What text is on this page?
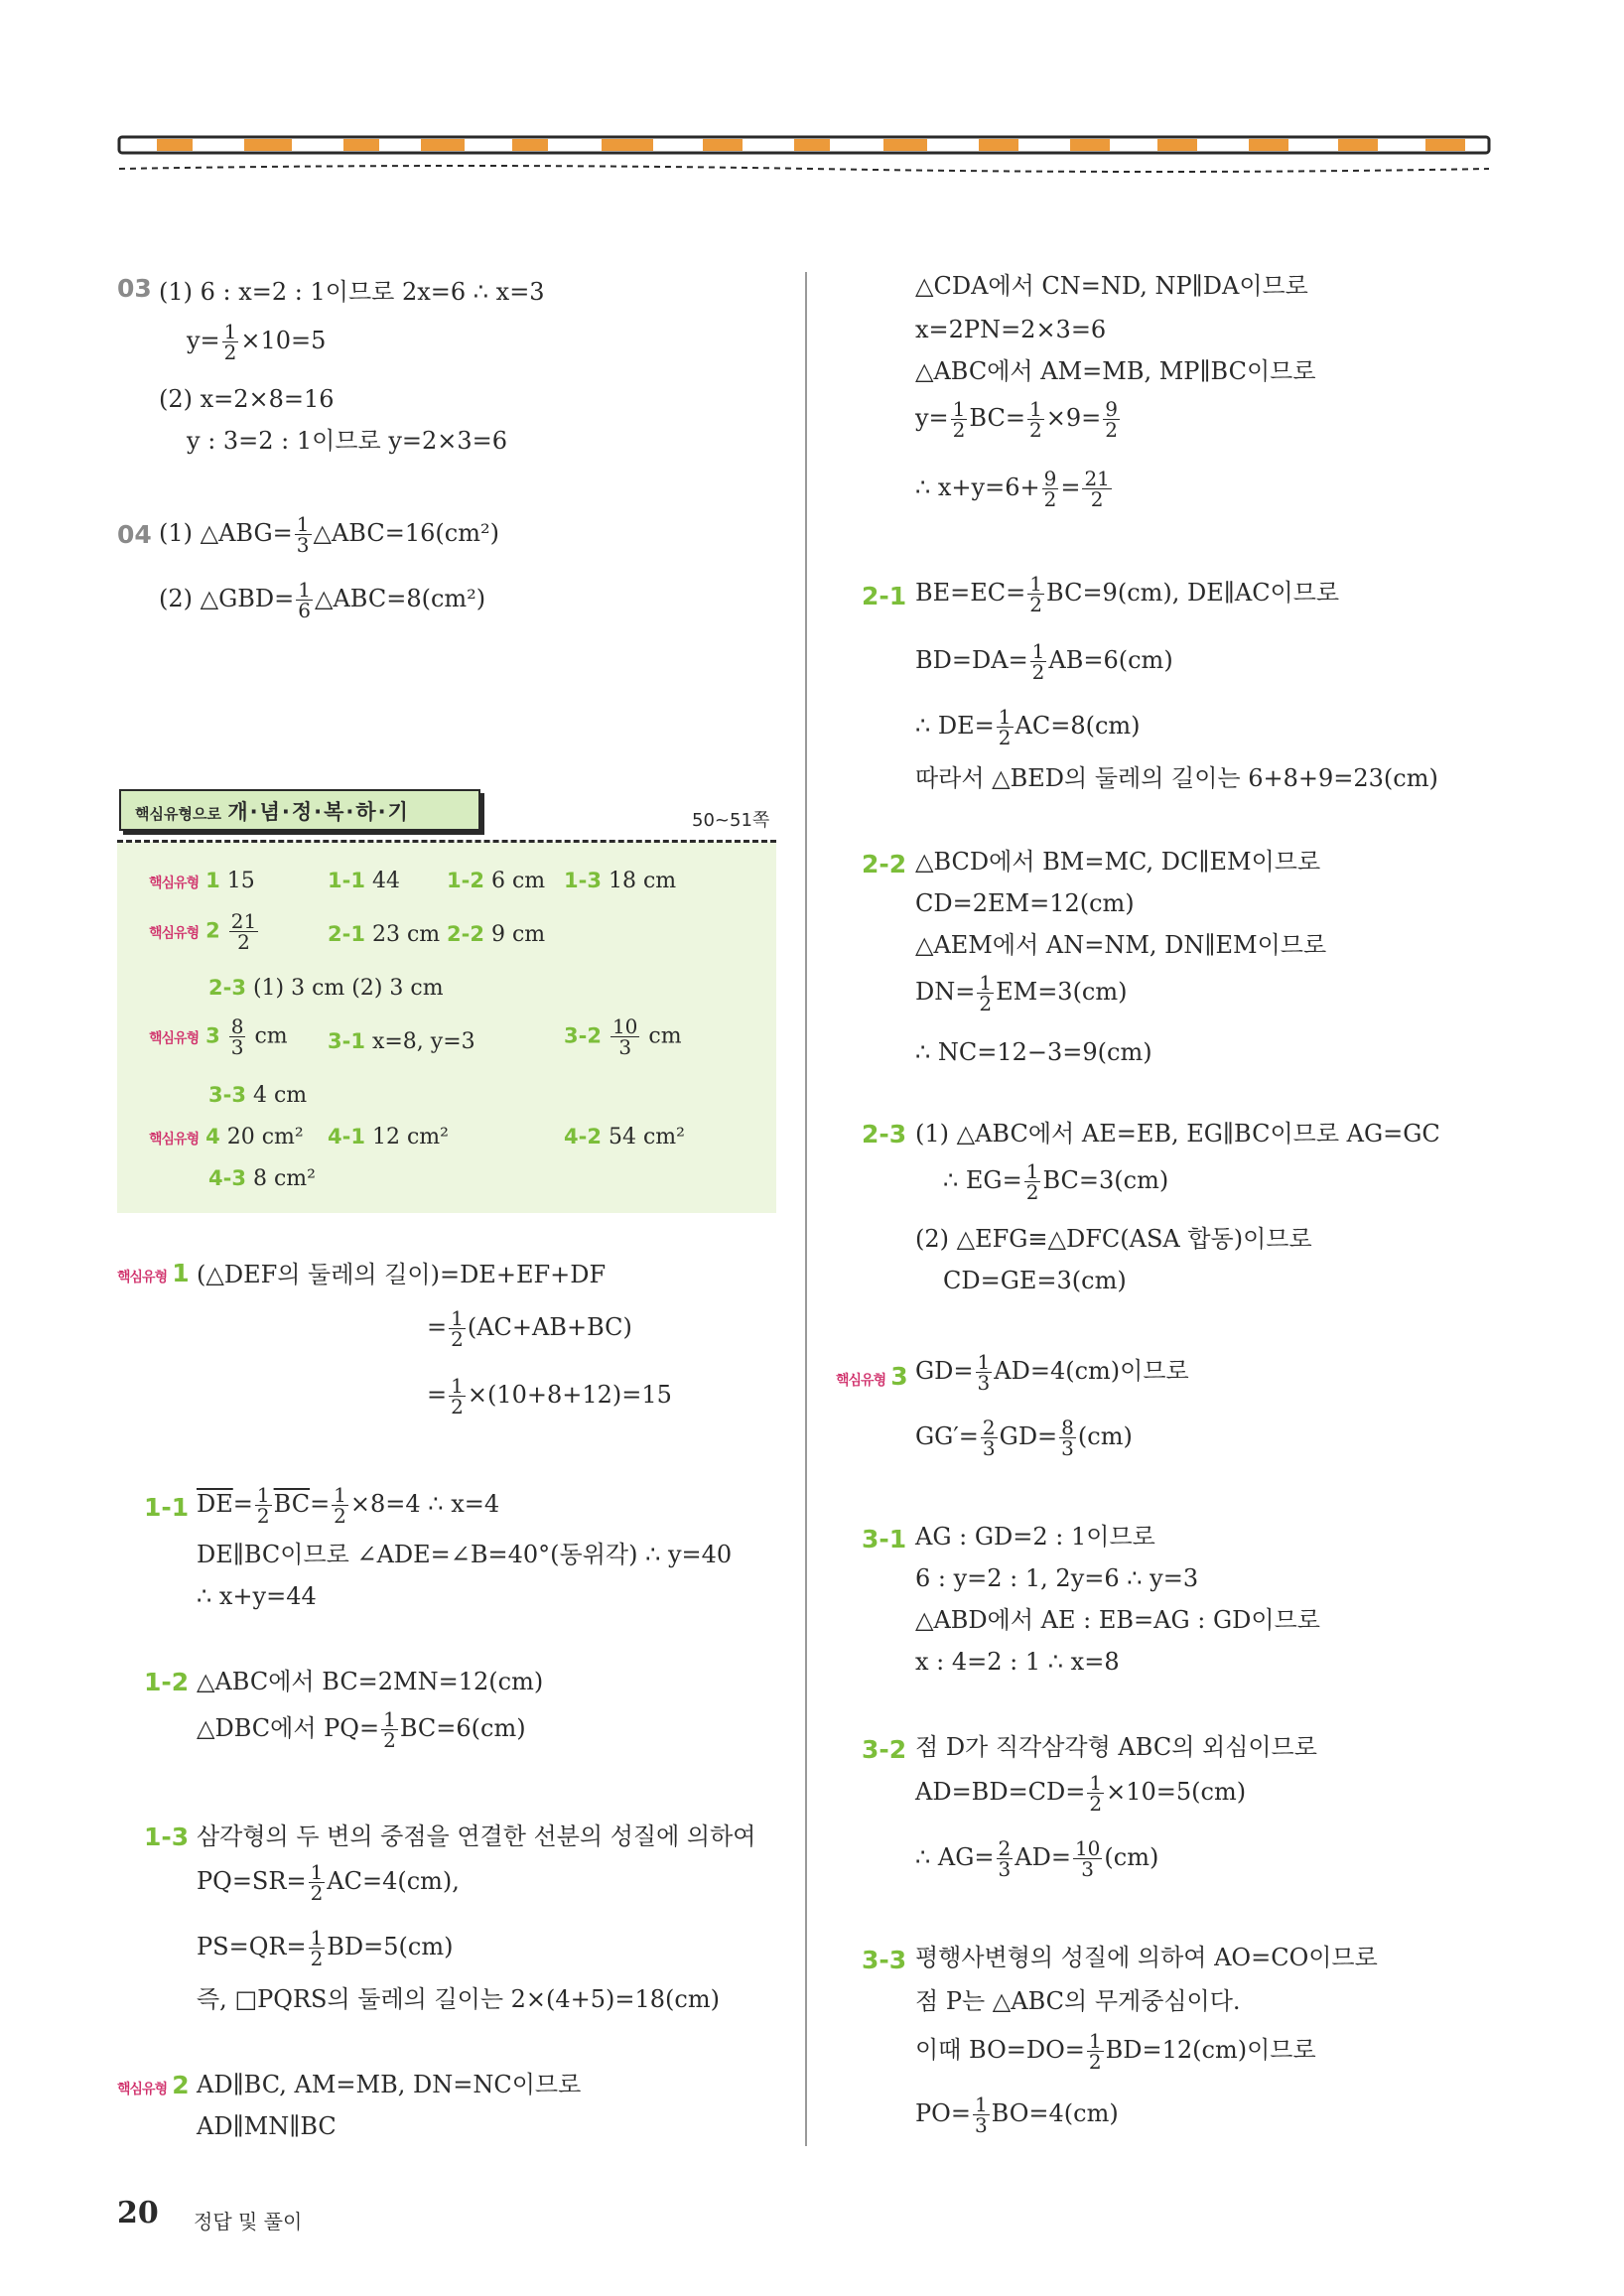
03 (1) 6 : x=2 : 1이므로 2x=6 ∴ x=3
$y= \frac{1}{2} \times 10=5$
(2) x=2×8=16
y : 3=2 : 1이므로 y=2×3=6
04 (1) △ABG= $\frac{1}{3}$ △ABC=16(cm²)
(2) △GBD= $\frac{1}{6}$ △ABC=8(cm²)
핵심유형으로 개·념·정·복·하·기	50~51쪽
핵심유형 1 15	1-1 44 1-2 6 cm 1-3 18 cm
핵심유형 $2 \frac{21}{2}$	2-1 23 cm 2-2 9 cm
2-3 (1) 3 cm (2) 3 cm
핵심유형 $3 \frac{8}{3}$ cm 3-1 x=8, y=3	$3-2 \frac{10}{3}$ cm
3-3 4 cm
핵심유형 4 20 cm² 4-1 12 cm²	4-2 54 cm²
4-3 8 cm²
핵심유형 1 (△DEF의 둘레의 길이)=DE+EF+DF
= $\frac{1}{2} (AC+AB+BC)$
= $\frac{1}{2} \times(10+8+12)=15$
1-1 $\overline{DE}= \frac{1}{2} \overline{BC}= \frac{1}{2} \times 8=4$ ∴ x=4
DE∥BC이므로 ∠ADE=∠B=40°(동위각) ∴ y=40
∴ x+y=44
1-2 △ABC에서 BC=2MN=12(cm)
△DBC에서 $PQ= \frac{1}{2} BC=6(cm)$
1-3 삼각형의 두 변의 중점을 연결한 선분의 성질에 의하여
$PQ=SR= \frac{1}{2} AC=4(cm)$,
$PS=QR= \frac{1}{2} BD=5(cm)$
즉, □PQRS의 둘레의 길이는 2×(4+5)=18(cm)
핵심유형 2 AD∥BC, AM=MB, DN=NC이므로
AD∥MN∥BC
△CDA에서 CN=ND, NP∥DA이므로
x=2PN=2×3=6
△ABC에서 AM=MB, MP∥BC이므로
$y= \frac{1}{2} BC= \frac{1}{2} \times 9= \frac{9}{2}$
∴ $x+y=6+ \frac{9}{2} = \frac{21}{2}$
2-1 $BE=EC= \frac{1}{2} BC=9(cm)$, DE∥AC이므로
$BD=DA= \frac{1}{2} AB=6(cm)$
∴ $DE= \frac{1}{2} AC=8(cm)$
따라서 △BED의 둘레의 길이는 6+8+9=23(cm)
2-2 △BCD에서 BM=MC, DC∥EM이므로
CD=2EM=12(cm)
△AEM에서 AN=NM, DN∥EM이므로
$DN= \frac{1}{2} EM=3(cm)$
∴ NC=12−3=9(cm)
2-3 (1) △ABC에서 AE=EB, EG∥BC이므로 AG=GC
∴ $EG= \frac{1}{2} BC=3(cm)$
(2) △EFG≡△DFC(ASA 합동)이므로
CD=GE=3(cm)
핵심유형 3 $GD= \frac{1}{3} AD=4(cm)$이므로
$GG'= \frac{2}{3} GD= \frac{8}{3} (cm)$
3-1 AG : GD=2 : 1이므로
6 : y=2 : 1, 2y=6 ∴ y=3
△ABD에서 AE : EB=AG : GD이므로
x : 4=2 : 1 ∴ x=8
3-2 점 D가 직각삼각형 ABC의 외심이므로
$AD=BD=CD= \frac{1}{2} \times 10=5(cm)$
∴ $AG= \frac{2}{3} AD= \frac{10}{3} (cm)$
3-3 평행사변형의 성질에 의하여 AO=CO이므로
점 P는 △ABC의 무게중심이다.
이때 $BO=DO= \frac{1}{2} BD=12(cm)$이므로
$PO= \frac{1}{3} BO=4(cm)$
20 정답 및 풀이
